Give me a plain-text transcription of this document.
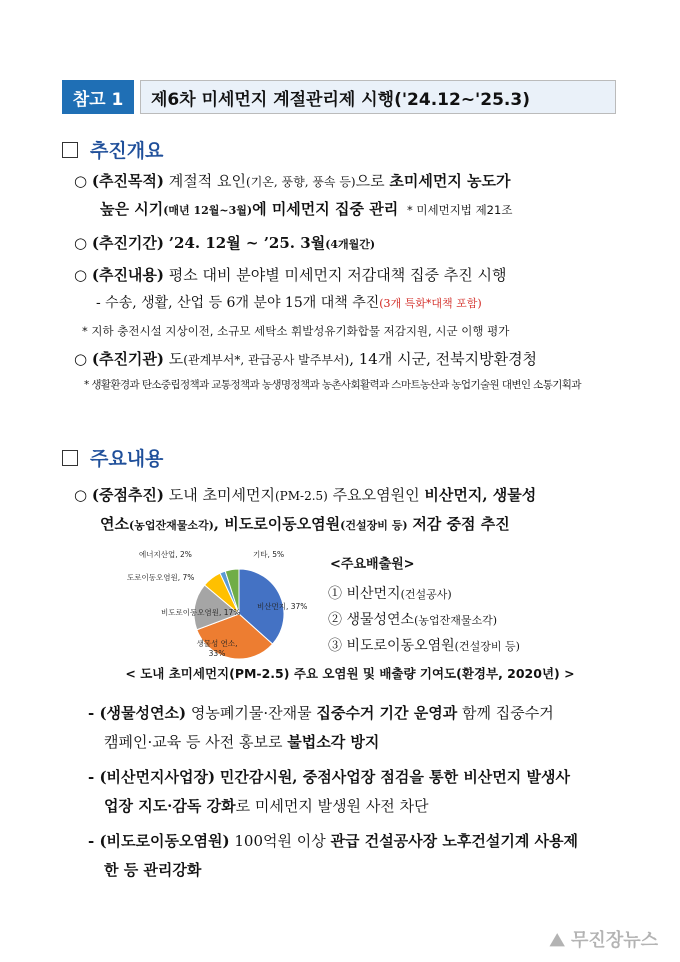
참고 1	제6차 미세먼지 계절관리제 시행('24.12~'25.3)
추진개요
○ (추진목적) 계절적 요인(기온, 풍향, 풍속 등)으로 초미세먼지 농도가
높은 시기(매년 12월~3월)에 미세먼지 집중 관리 * 미세먼지법 제21조
○ (추진기간) ’24. 12월 ~ ’25. 3월(4개월간)
○ (추진내용) 평소 대비 분야별 미세먼지 저감대책 집중 추진 시행
- 수송, 생활, 산업 등 6개 분야 15개 대책 추진(3개 특화*대책 포함)
* 지하 충전시설 지상이전, 소규모 세탁소 휘발성유기화합물 저감지원, 시군 이행 평가
○ (추진기관) 도(관계부서*, 관급공사 발주부서), 14개 시군, 전북지방환경청
* 생활환경과 탄소중립정책과 교통정책과 농생명정책과 농촌사회활력과 스마트농산과 농업기술원 대변인 소통기획과
주요내용
○ (중점추진) 도내 초미세먼지(PM-2.5) 주요오염원인 비산먼지, 생물성
연소(농업잔재물소각), 비도로이동오염원(건설장비 등) 저감 중점 추진
비산먼지, 37%
생물성 연소, 33%
비도로이동오염원, 17%
도로이동오염원, 7%
에너지산업, 2%	기타, 5%
<주요배출원>
① 비산먼지(건설공사)
② 생물성연소(농업잔재물소각)
③ 비도로이동오염원(건설장비 등)
< 도내 초미세먼지(PM-2.5) 주요 오염원 및 배출량 기여도(환경부, 2020년) >
- (생물성연소) 영농폐기물·잔재물 집중수거 기간 운영과 함께 집중수거
캠페인·교육 등 사전 홍보로 불법소각 방지
- (비산먼지사업장) 민간감시원, 중점사업장 점검을 통한 비산먼지 발생사
업장 지도·감독 강화로 미세먼지 발생원 사전 차단
- (비도로이동오염원) 100억원 이상 관급 건설공사장 노후건설기계 사용제
한 등 관리강화
⛰ 무진장뉴스
